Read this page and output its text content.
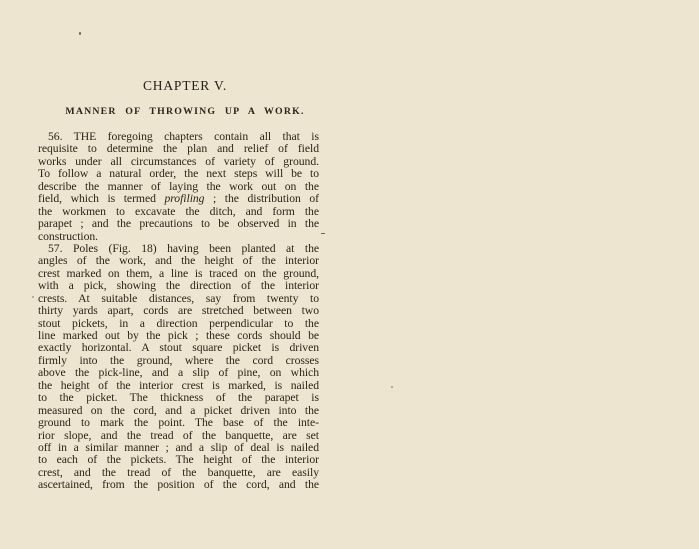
CHAPTER V.
MANNER OF THROWING UP A WORK.
56. THE foregoing chapters contain all that is
requisite to determine the plan and relief of field
works under all circumstances of variety of ground.
To follow a natural order, the next steps will be to
describe the manner of laying the work out on the
field, which is termed profiling ; the distribution of
the workmen to excavate the ditch, and form the
parapet ; and the precautions to be observed in the
construction.
57. Poles (Fig. 18) having been planted at the
angles of the work, and the height of the interior
crest marked on them, a line is traced on the ground,
with a pick, showing the direction of the interior
crests. At suitable distances, say from twenty to
thirty yards apart, cords are stretched between two
stout pickets, in a direction perpendicular to the
line marked out by the pick ; these cords should be
exactly horizontal. A stout square picket is driven
firmly into the ground, where the cord crosses
above the pick-line, and a slip of pine, on which
the height of the interior crest is marked, is nailed
to the picket. The thickness of the parapet is
measured on the cord, and a picket driven into the
ground to mark the point. The base of the inte-
rior slope, and the tread of the banquette, are set
off in a similar manner ; and a slip of deal is nailed
to each of the pickets. The height of the interior
crest, and the tread of the banquette, are easily
ascertained, from the position of the cord, and the
